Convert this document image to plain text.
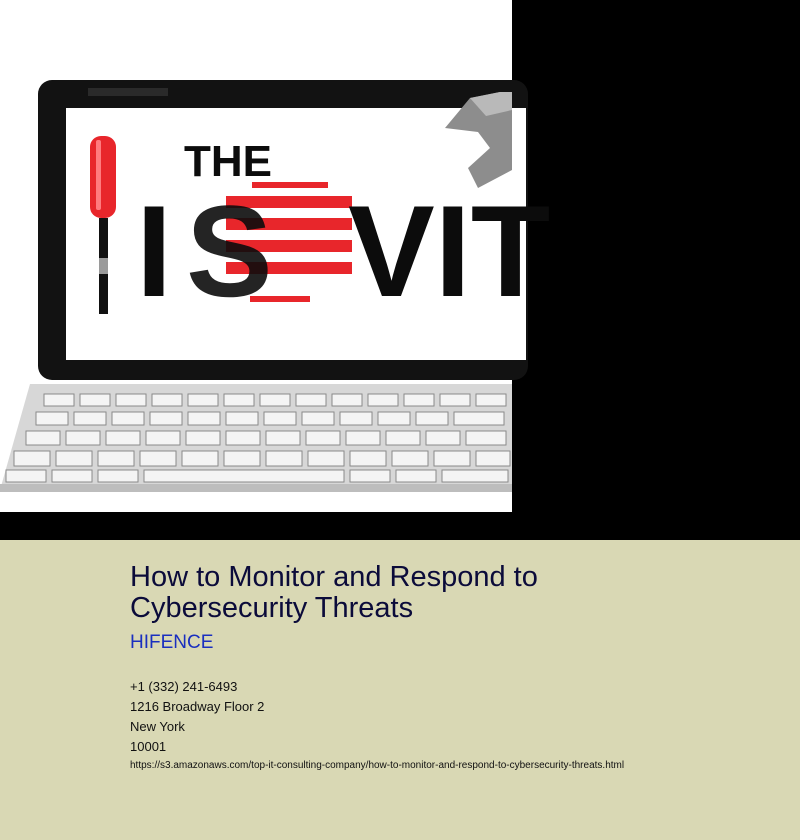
THE
I S VIT
How to Monitor and Respond to Cybersecurity Threats
HIFENCE
+1 (332) 241-6493
1216 Broadway Floor 2
New York
10001
https://s3.amazonaws.com/top-it-consulting-company/how-to-monitor-and-respond-to-cybersecurity-threats.html
